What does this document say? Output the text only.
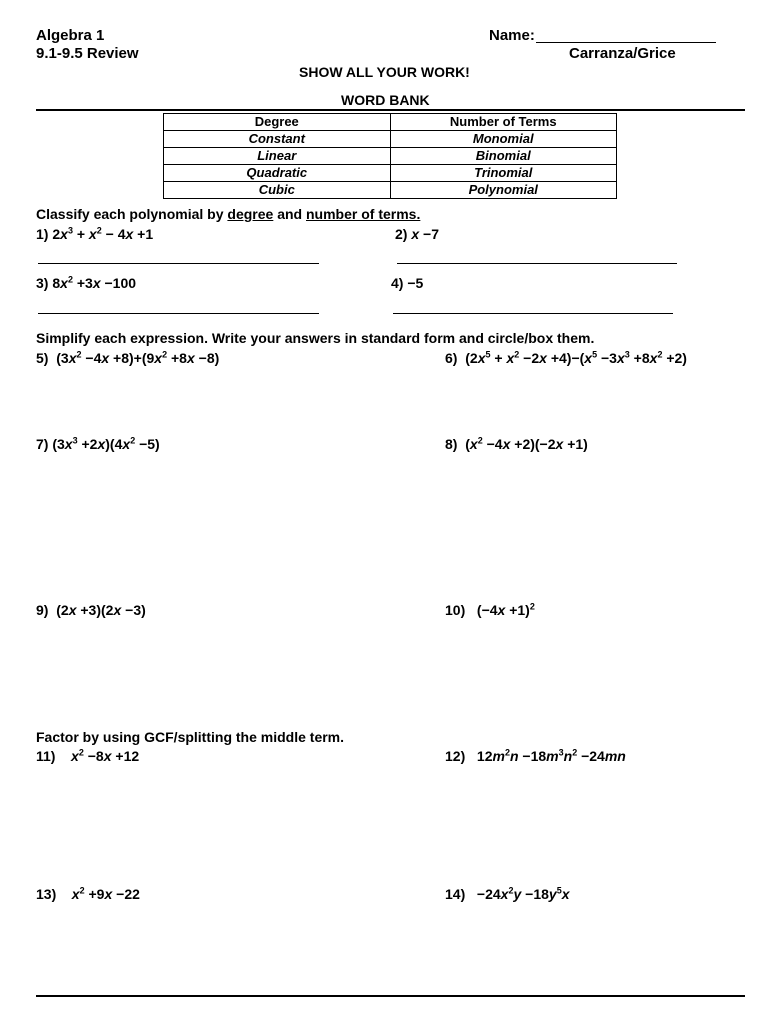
Algebra 1
9.1-9.5 Review
Name:
Carranza/Grice
SHOW ALL YOUR WORK!
WORD BANK
Degree	Number of Terms
Constant	Monomial
Linear	Binomial
Quadratic	Trinomial
Cubic	Polynomial
Classify each polynomial by degree and number of terms.
1) $2x^3 + x^2 - 4x +1$	2) x −7
3) $8x^2 +3x -100$	4) −5
Simplify each expression. Write your answers in standard form and circle/box them.
5)  $(3x^2 -4x +8)+(9x^2 +8x -8)$	6)  $(2x^5 + x^2 -2x +4)-(x^5 -3x^3 +8x^2 +2)$
7) $(3x^3 +2x)(4x^2 -5)$	8)  $(x^2 -4x +2)(-2x +1)$
9)  (2x +3)(2x −3)	10)   $(-4x +1)^2$
Factor by using GCF/splitting the middle term.
11) $x^2 -8x +12$	12)   $12m^2n -18m^3n^2 -24mn$
13) $x^2 +9x -22$	$14) -24x^2y -18y^5x$
